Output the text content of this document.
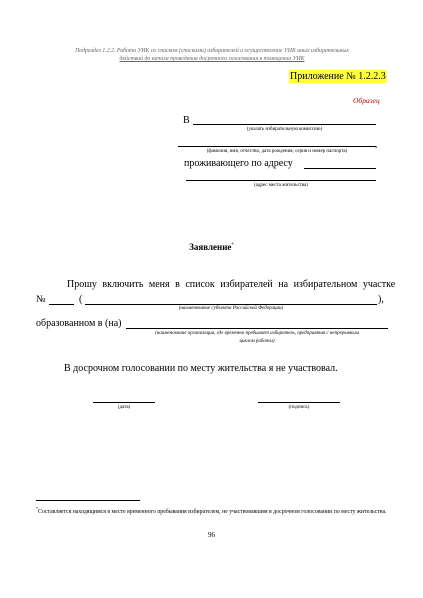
Подраздел 1.2.2. Работа УИК со списком (списками) избирателей и осуществление УИК иных избирательных
действий до начала проведения досрочного голосования в помещении УИК
Приложение № 1.2.2.3
Образец
В
(указать избирательную комиссию)
,
(фамилия, имя, отчество, дата рождения, серия и номер паспорта)
проживающего по адресу
(адрес места жительства)
Заявление*
Прошу включить меня в список избирателей на избирательном участке
№	(	),
(наименование субъекта Российской Федерации)
образованном в (на)
(наименование организации, где временно пребывает избиратель, предприятия с непрерывным
циклом работы)
В досрочном голосовании по месту жительства я не участвовал.
(дата)	(подпись)
*Составляется находящимся в месте временного пребывания избирателем, не участвовавшим в досрочном голосовании по месту жительства.
96
